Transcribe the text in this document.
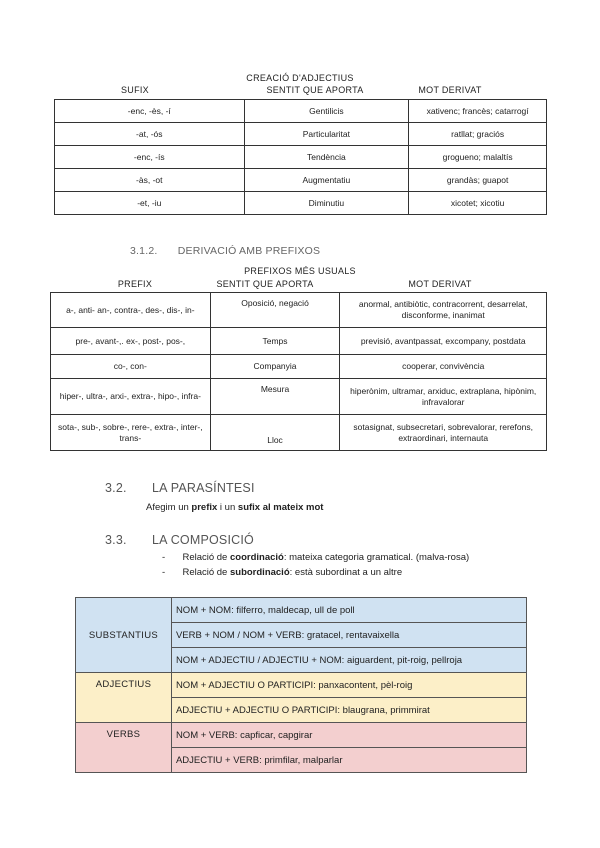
CREACIÓ D'ADJECTIUS
SUFIX	SENTIT QUE APORTA	MOT DERIVAT
-enc, -ès, -í	Gentilicis	xativenc; francès; catarrogí
-at, -ós	Particularitat	ratllat; graciós
-enc, -ís	Tendència	grogueno; malaltís
-às, -ot	Augmentatiu	grandàs; guapot
-et, -iu	Diminutiu	xicotet; xicotiu
3.1.2. DERIVACIÓ AMB PREFIXOS
PREFIXOS MÉS USUALS
PREFIX	SENTIT QUE APORTA	MOT DERIVAT
a-, anti- an-, contra-, des-, dis-, in-	Oposició, negació	anormal, antibiòtic, contracorrent, desarrelat, disconforme, inanimat
pre-, avant-,. ex-, post-, pos-,	Temps	previsió, avantpassat, excompany, postdata
co-, con-	Companyia	cooperar, convivència
hiper-, ultra-, arxi-, extra-, hipo-, infra-	Mesura	hiperònim, ultramar, arxiduc, extraplana, hipònim, infravalorar
sota-, sub-, sobre-, rere-, extra-, inter-, trans-	Lloc	sotasignat, subsecretari, sobrevalorar, rerefons, extraordinari, internauta
3.2. LA PARASÍNTESI
Afegim un prefix i un sufix al mateix mot
3.3. LA COMPOSICIÓ
- Relació de coordinació: mateixa categoria gramatical. (malva-rosa)
- Relació de subordinació: està subordinat a un altre
SUBSTANTIUS	NOM + NOM: filferro, maldecap, ull de poll
	VERB + NOM / NOM + VERB: gratacel, rentavaixella
	NOM + ADJECTIU / ADJECTIU + NOM: aiguardent, pit-roig, pellroja
ADJECTIUS	NOM + ADJECTIU O PARTICIPI: panxacontent, pèl-roig
	ADJECTIU + ADJECTIU O PARTICIPI: blaugrana, primmirat
VERBS	NOM + VERB: capficar, capgirar
	ADJECTIU + VERB: primfilar, malparlar
